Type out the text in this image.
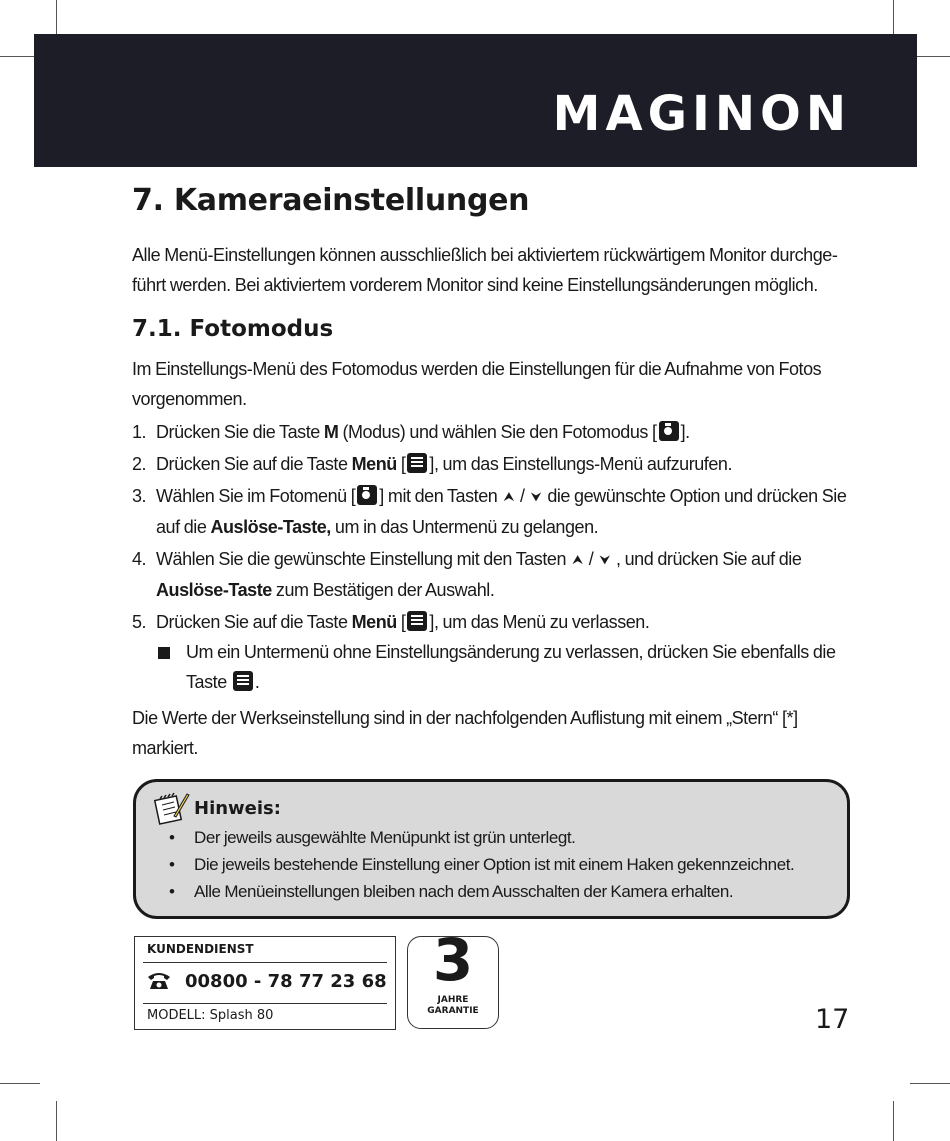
MAGINON
7. Kameraeinstellungen

Alle Menü-Einstellungen können ausschließlich bei aktiviertem rückwärtigem Monitor durchge-

führt werden. Bei aktiviertem vorderem Monitor sind keine Einstellungsänderungen möglich.

7.1. Fotomodus

Im Einstellungs-Menü des Fotomodus werden die Einstellungen für die Aufnahme von Fotos

vorgenommen.

1. Drücken Sie die Taste M (Modus) und wählen Sie den Fotomodus [ ].

2. Drücken Sie auf die Taste Menü [ ], um das Einstellungs-Menü aufzurufen.

3. Wählen Sie im Fotomenü [ ] mit den Tasten ⮝ / ⮟ die gewünschte Option und drücken Sie
auf die Auslöse-Taste, um in das Untermenü zu gelangen.

4. Wählen Sie die gewünschte Einstellung mit den Tasten ⮝ / ⮟ , und drücken Sie auf die
Auslöse-Taste zum Bestätigen der Auswahl.

5. Drücken Sie auf die Taste Menü [ ], um das Menü zu verlassen.

Um ein Untermenü ohne Einstellungsänderung zu verlassen, drücken Sie ebenfalls die
Taste .

Die Werte der Werkseinstellung sind in der nachfolgenden Auflistung mit einem „Stern“ [*]

markiert.

Hinweis:
• Der jeweils ausgewählte Menüpunkt ist grün unterlegt.
• Die jeweils bestehende Einstellung einer Option ist mit einem Haken gekennzeichnet.
• Alle Menüeinstellungen bleiben nach dem Ausschalten der Kamera erhalten.
KUNDENDIENST
00800 - 78 77 23 68
MODELL: Splash 80
3
JAHRE
GARANTIE	17
